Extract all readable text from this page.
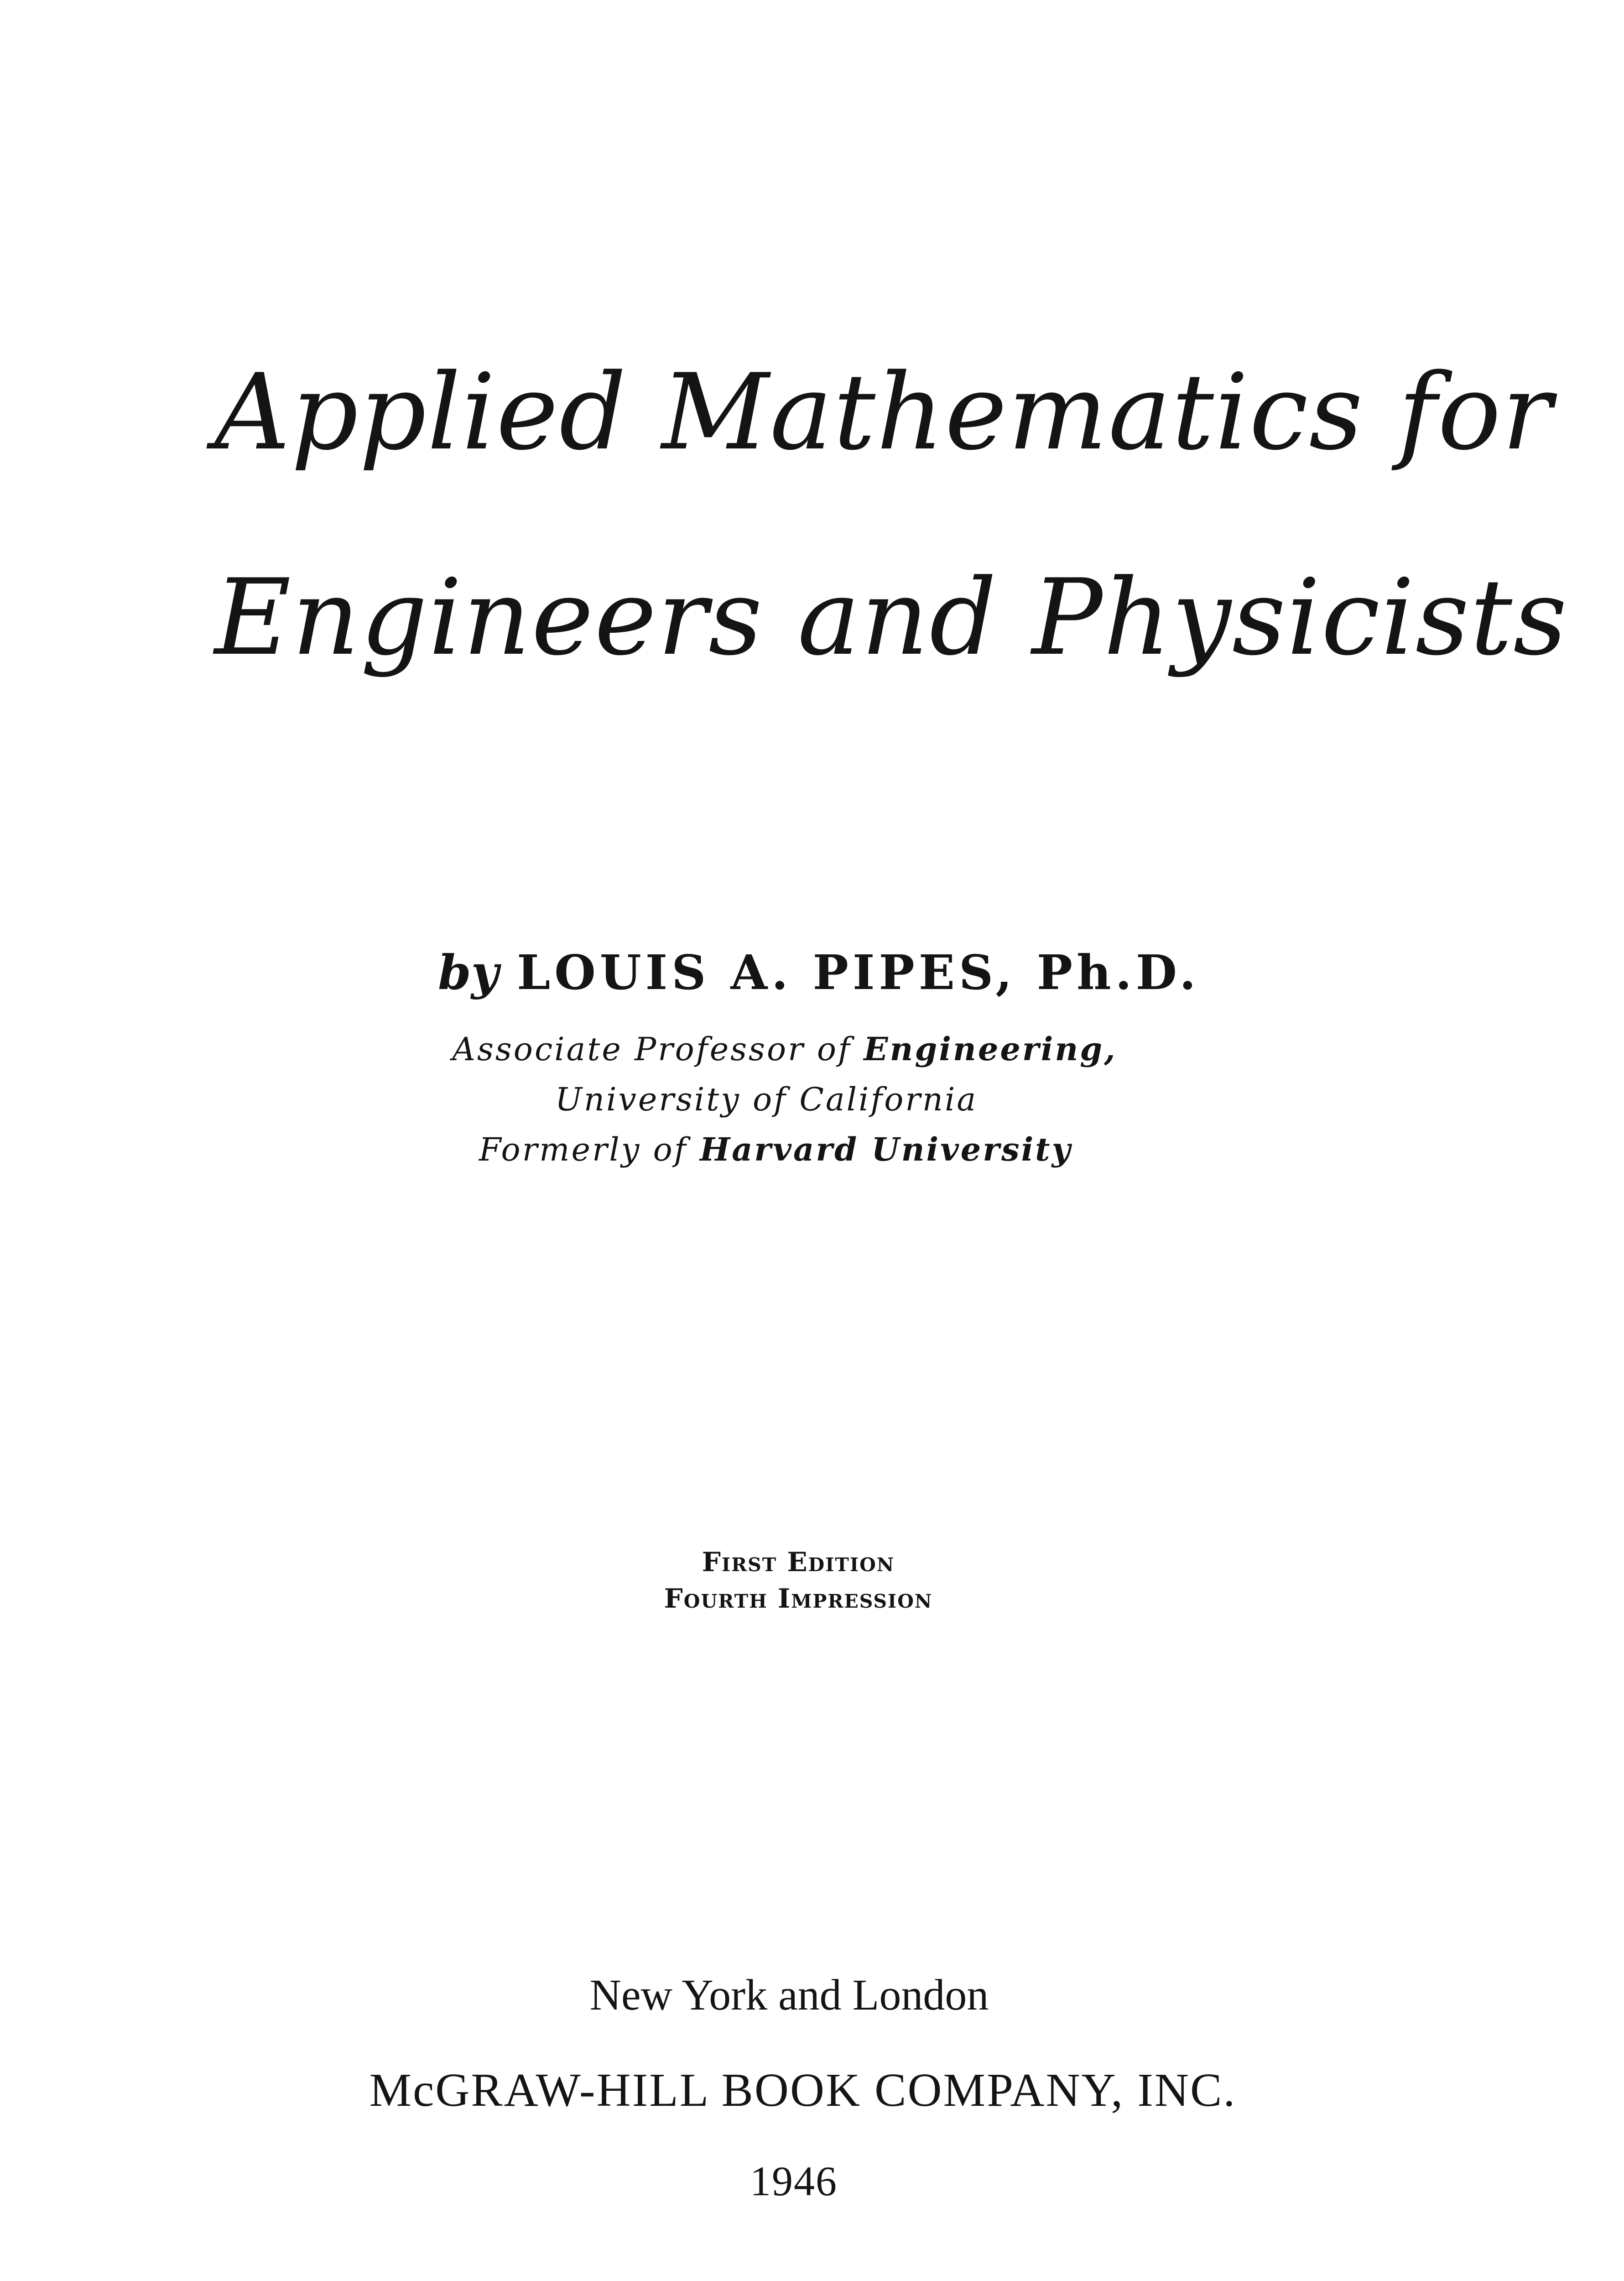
Applied Mathematics for
Engineers and Physicists
by LOUIS A. PIPES, Ph.D.
Associate Professor of Engineering,
University of California
Formerly of Harvard University
First Edition
Fourth Impression
New York and London
McGRAW-HILL BOOK COMPANY, INC.
1946
